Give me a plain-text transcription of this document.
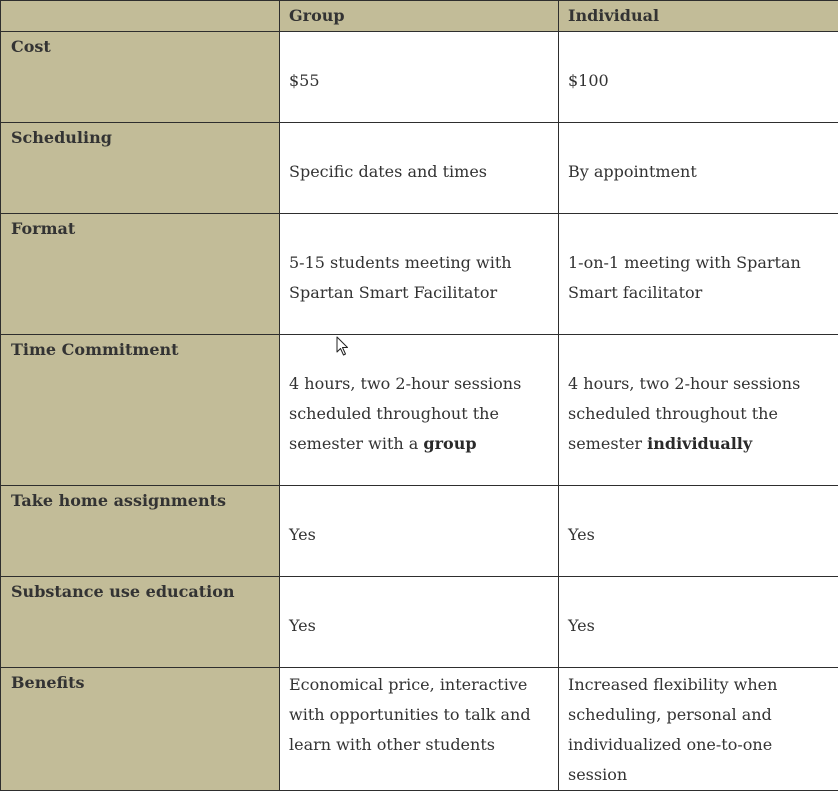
	Group	Individual
Cost	$55	$100
Scheduling	Specific dates and times	By appointment
Format	5-15 students meeting with Spartan Smart Facilitator	1-on-1 meeting with Spartan Smart facilitator
Time Commitment	4 hours, two 2-hour sessions scheduled throughout the semester with a group	4 hours, two 2-hour sessions scheduled throughout the semester individually
Take home assignments	Yes	Yes
Substance use education	Yes	Yes
Benefits	Economical price, interactive with opportunities to talk and learn with other students	Increased flexibility when scheduling, personal and individualized one-to-one session
